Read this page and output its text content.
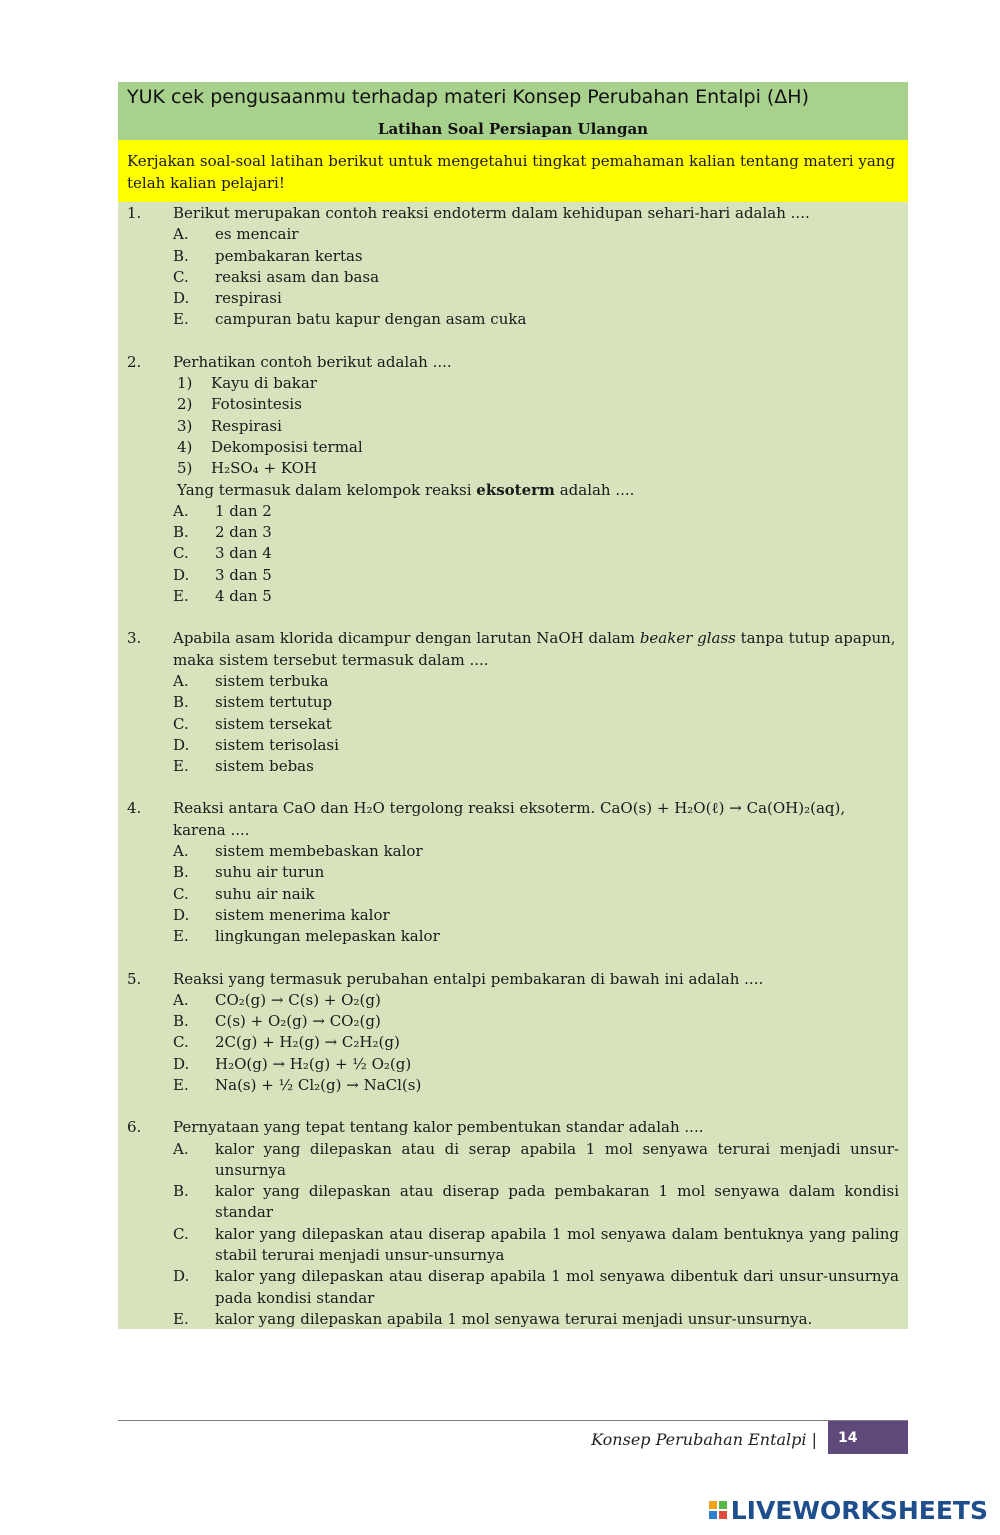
YUK cek pengusaanmu terhadap materi Konsep Perubahan Entalpi (ΔH)
Latihan Soal Persiapan Ulangan
Kerjakan soal-soal latihan berikut untuk mengetahui tingkat pemahaman kalian tentang materi yang telah kalian pelajari!
1. Berikut merupakan contoh reaksi endoterm dalam kehidupan sehari-hari adalah ....
A. es mencair
B. pembakaran kertas
C. reaksi asam dan basa
D. respirasi
E. campuran batu kapur dengan asam cuka
2. Perhatikan contoh berikut adalah ....
1) Kayu di bakar
2) Fotosintesis
3) Respirasi
4) Dekomposisi termal
5) H₂SO₄ + KOH
Yang termasuk dalam kelompok reaksi eksoterm adalah ....
A. 1 dan 2
B. 2 dan 3
C. 3 dan 4
D. 3 dan 5
E. 4 dan 5
3. Apabila asam klorida dicampur dengan larutan NaOH dalam beaker glass tanpa tutup apapun, maka sistem tersebut termasuk dalam ....
A. sistem terbuka
B. sistem tertutup
C. sistem tersekat
D. sistem terisolasi
E. sistem bebas
4. Reaksi antara CaO dan H₂O tergolong reaksi eksoterm. CaO(s) + H₂O(ℓ) → Ca(OH)₂(aq), karena ....
A. sistem membebaskan kalor
B. suhu air turun
C. suhu air naik
D. sistem menerima kalor
E. lingkungan melepaskan kalor
5. Reaksi yang termasuk perubahan entalpi pembakaran di bawah ini adalah ....
A. CO₂(g) → C(s) + O₂(g)
B. C(s) + O₂(g) → CO₂(g)
C. 2C(g) + H₂(g) → C₂H₂(g)
D. H₂O(g) → H₂(g) + ½ O₂(g)
E. Na(s) + ½ Cl₂(g) → NaCl(s)
6. Pernyataan yang tepat tentang kalor pembentukan standar adalah ....
A. kalor yang dilepaskan atau di serap apabila 1 mol senyawa terurai menjadi unsur-unsurnya
B. kalor yang dilepaskan atau diserap pada pembakaran 1 mol senyawa dalam kondisi standar
C. kalor yang dilepaskan atau diserap apabila 1 mol senyawa dalam bentuknya yang paling stabil terurai menjadi unsur-unsurnya
D. kalor yang dilepaskan atau diserap apabila 1 mol senyawa dibentuk dari unsur-unsurnya pada kondisi standar
E. kalor yang dilepaskan apabila 1 mol senyawa terurai menjadi unsur-unsurnya.
Konsep Perubahan Entalpi |	14
LIVEWORKSHEETS
